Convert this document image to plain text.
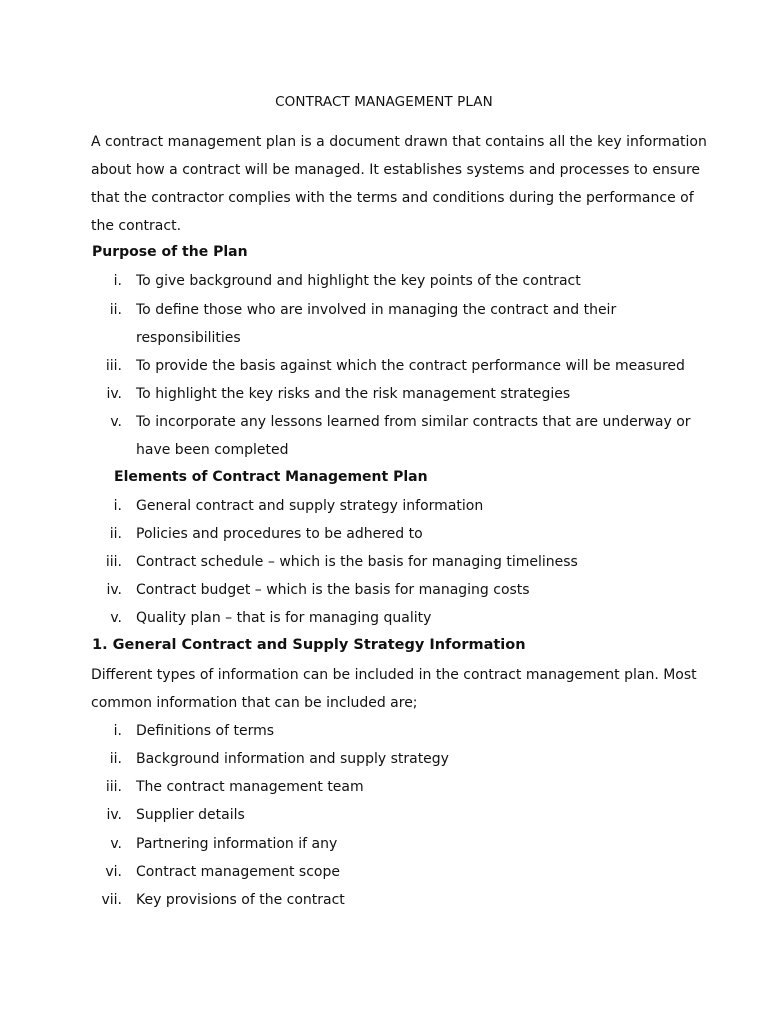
CONTRACT MANAGEMENT PLAN
A contract management plan is a document drawn that contains all the key information
about how a contract will be managed. It establishes systems and processes to ensure
that the contractor complies with the terms and conditions during the performance of
the contract.
Purpose of the Plan
i. To give background and highlight the key points of the contract
ii. To define those who are involved in managing the contract and their
responsibilities
iii. To provide the basis against which the contract performance will be measured
iv. To highlight the key risks and the risk management strategies
v. To incorporate any lessons learned from similar contracts that are underway or
have been completed
Elements of Contract Management Plan
i. General contract and supply strategy information
ii. Policies and procedures to be adhered to
iii. Contract schedule – which is the basis for managing timeliness
iv. Contract budget – which is the basis for managing costs
v. Quality plan – that is for managing quality
1. General Contract and Supply Strategy Information
Different types of information can be included in the contract management plan. Most
common information that can be included are;
i. Definitions of terms
ii. Background information and supply strategy
iii. The contract management team
iv. Supplier details
v. Partnering information if any
vi. Contract management scope
vii. Key provisions of the contract
